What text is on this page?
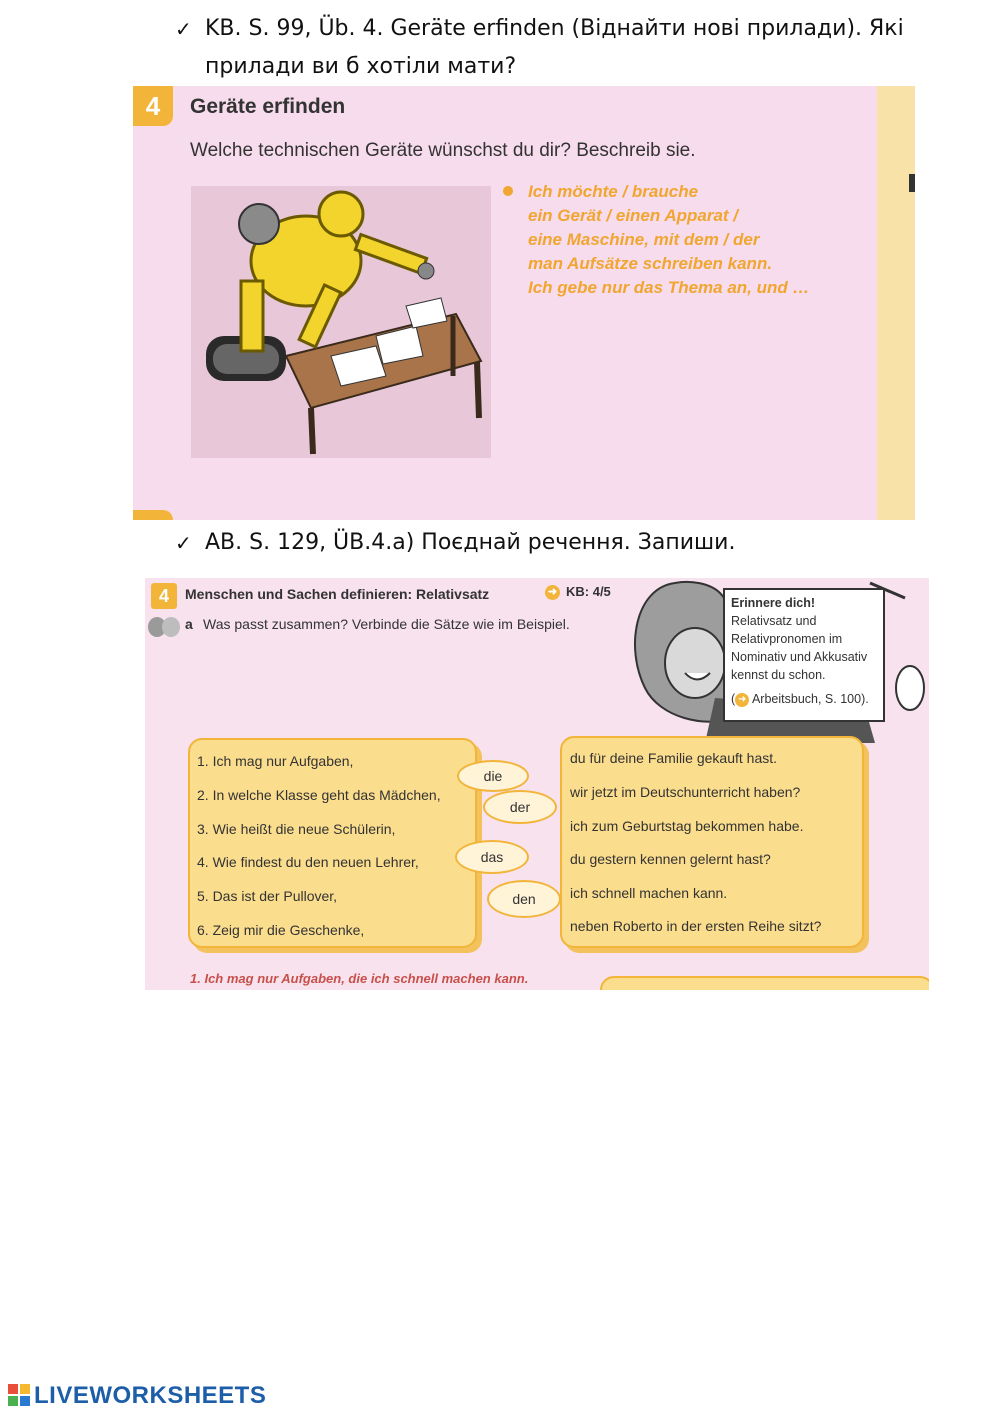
✓ KB. S. 99, Üb. 4. Geräte erfinden (Віднайти нові прилади). Які
прилади ви б хотіли мати?
4	Geräte erfinden
Welche technischen Geräte wünschst du dir? Beschreib sie.
Ich möchte / brauche
ein Gerät / einen Apparat /
eine Maschine, mit dem / der
man Aufsätze schreiben kann.
Ich gebe nur das Thema an, und …
✓ AB. S. 129, ÜB.4.a) Поєднай речення. Запиши.
4	Menschen und Sachen definieren: Relativsatz	➜ KB: 4/5
a Was passt zusammen? Verbinde die Sätze wie im Beispiel.
Erinnere dich!
Relativsatz und
Relativpronomen im
Nominativ und Akkusativ
kennst du schon.
( ➜ Arbeitsbuch, S. 100).
1. Ich mag nur Aufgaben,
2. In welche Klasse geht das Mädchen,
3. Wie heißt die neue Schülerin,
4. Wie findest du den neuen Lehrer,
5. Das ist der Pullover,
6. Zeig mir die Geschenke,
die
der
das
den
du für deine Familie gekauft hast.
wir jetzt im Deutschunterricht haben?
ich zum Geburtstag bekommen habe.
du gestern kennen gelernt hast?
ich schnell machen kann.
neben Roberto in der ersten Reihe sitzt?
1. Ich mag nur Aufgaben, die ich schnell machen kann.
LIVEWORKSHEETS
